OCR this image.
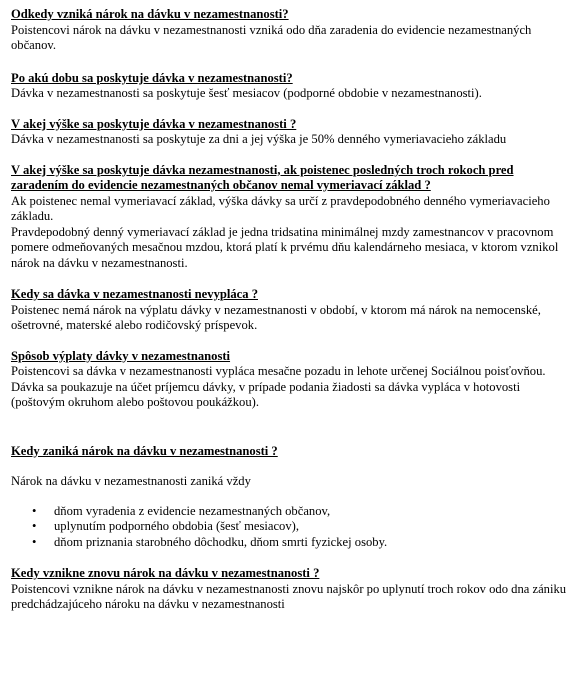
Odkedy vzniká nárok na dávku v nezamestnanosti?

Poistencovi nárok na dávku v nezamestnanosti vzniká odo dňa zaradenia do evidencie nezamestnaných občanov.

Po akú dobu sa poskytuje dávka v nezamestnanosti?

Dávka v nezamestnanosti sa poskytuje šesť mesiacov (podporné obdobie v nezamestnanosti).

V akej výške sa poskytuje dávka v nezamestnanosti ?

Dávka v nezamestnanosti sa poskytuje za dni a jej výška je 50% denného vymeriavacieho základu

V akej výške sa poskytuje dávka nezamestnanosti, ak poistenec posledných troch rokoch pred zaradením do evidencie nezamestnaných občanov nemal vymeriavací základ ?

Ak poistenec nemal vymeriavací základ, výška dávky sa určí z pravdepodobného denného vymeriavacieho základu.

Pravdepodobný denný vymeriavací základ je jedna tridsatina minimálnej mzdy zamestnancov v pracovnom pomere odmeňovaných mesačnou mzdou, ktorá platí k prvému dňu kalendárneho mesiaca, v ktorom vznikol nárok na dávku v nezamestnanosti.

Kedy sa dávka v nezamestnanosti nevypláca ?

Poistenec nemá nárok na výplatu dávky v nezamestnanosti v období, v ktorom má nárok na nemocenské, ošetrovné, materské alebo rodičovský príspevok.

Spôsob výplaty dávky v nezamestnanosti

Poistencovi sa dávka v nezamestnanosti vypláca mesačne pozadu in lehote určenej Sociálnou poisťovňou.

Dávka sa poukazuje na účet príjemcu dávky, v prípade podania žiadosti sa dávka vypláca v hotovosti (poštovým okruhom alebo poštovou poukážkou).

Kedy zaniká nárok na dávku v nezamestnanosti ?

Nárok na dávku v nezamestnanosti zaniká vždy

• dňom vyradenia z evidencie nezamestnaných občanov,
• uplynutím podporného obdobia (šesť mesiacov),
• dňom priznania starobného dôchodku, dňom smrti fyzickej osoby.

Kedy vznikne znovu nárok na dávku v nezamestnanosti ?

Poistencovi vznikne nárok na dávku v nezamestnanosti znovu najskôr po uplynutí troch rokov odo dna zániku predchádzajúceho nároku na dávku v nezamestnanosti
